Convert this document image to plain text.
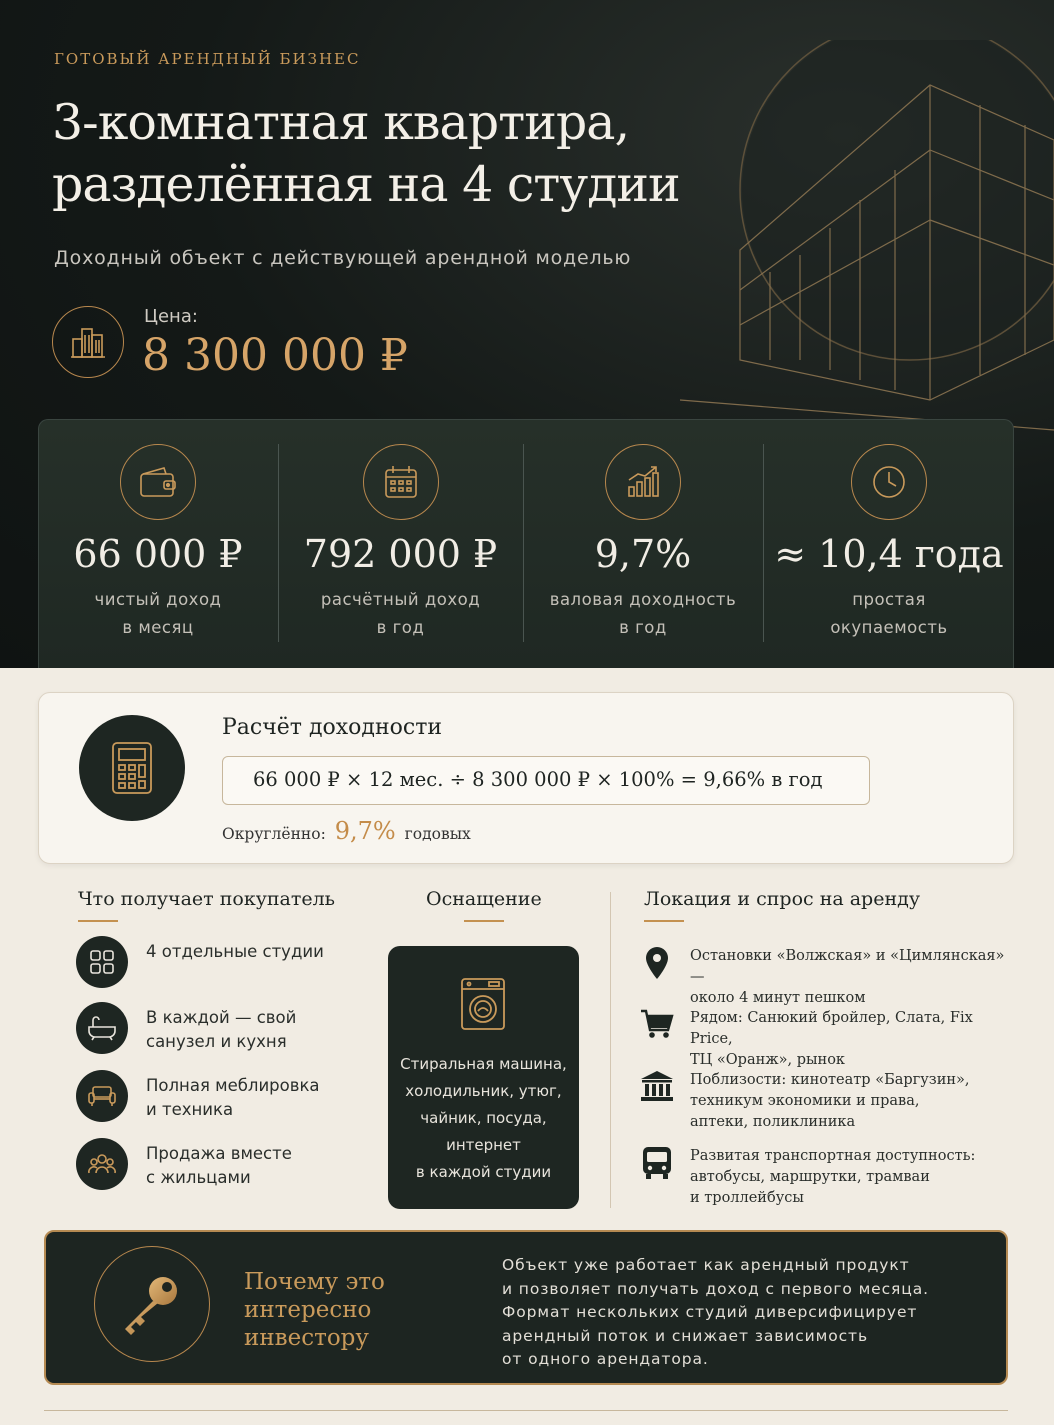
ГОТОВЫЙ АРЕНДНЫЙ БИЗНЕС
3-комнатная квартира,
разделённая на 4 студии
Доходный объект с действующей арендной моделью
Цена:
8 300 000 ₽
66 000 ₽
чистый доход
в месяц
792 000 ₽
расчётный доход
в год
9,7%
валовая доходность
в год
≈ 10,4 года
простая
окупаемость
Расчёт доходности
66 000 ₽ × 12 мес. ÷ 8 300 000 ₽ × 100% = 9,66% в год
Округлённо: 9,7% годовых
Что получает покупатель	Оснащение	Локация и спрос на аренду
4 отдельные студии
В каждой — свой
санузел и кухня
Полная меблировка
и техника
Продажа вместе
с жильцами
Стиральная машина,
холодильник, утюг,
чайник, посуда,
интернет
в каждой студии
Остановки «Волжская» и «Цимлянская» —
около 4 минут пешком
Рядом: Санюкий бройлер, Слата, Fix Price,
ТЦ «Оранж», рынок
Поблизости: кинотеатр «Баргузин»,
техникум экономики и права,
аптеки, поликлиника
Развитая транспортная доступность:
автобусы, маршрутки, трамваи
и троллейбусы
Почему это
интересно
инвестору
Объект уже работает как арендный продукт
и позволяет получать доход с первого месяца.
Формат нескольких студий диверсифицирует
арендный поток и снижает зависимость
от одного арендатора.
